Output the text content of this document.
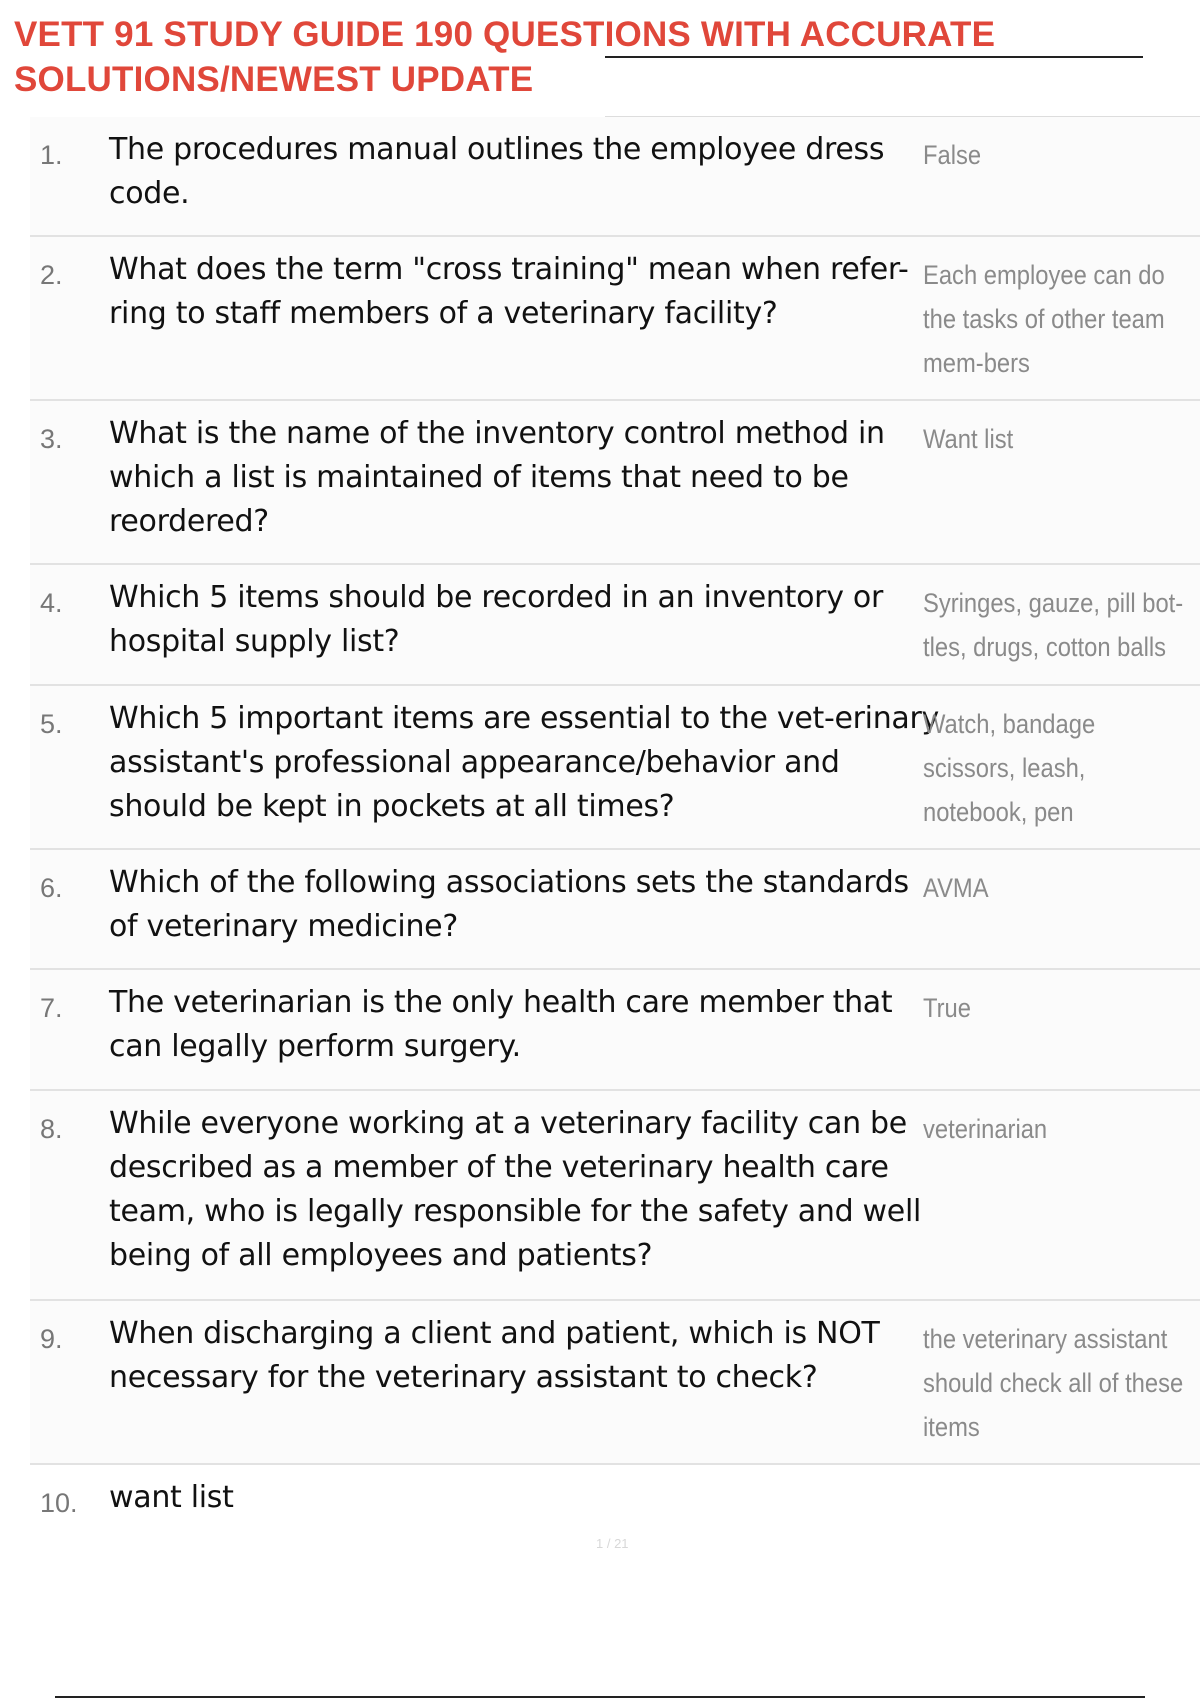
VETT 91 STUDY GUIDE 190 QUESTIONS WITH ACCURATE SOLUTIONS/NEWEST UPDATE
1. The procedures manual outlines the employee dress code.
False
2. What does the term "cross training" mean when refer-ring to staff members of a veterinary facility?
Each employee can do the tasks of other team mem-bers
3. What is the name of the inventory control method in which a list is maintained of items that need to be reordered?
Want list
4. Which 5 items should be recorded in an inventory or hospital supply list?
Syringes, gauze, pill bot-tles, drugs, cotton balls
5. Which 5 important items are essential to the vet-erinary assistant's professional appearance/behavior and should be kept in pockets at all times?
Watch, bandage scissors, leash, notebook, pen
6. Which of the following associations sets the standards of veterinary medicine?
AVMA
7. The veterinarian is the only health care member that can legally perform surgery.
True
8. While everyone working at a veterinary facility can be described as a member of the veterinary health care team, who is legally responsible for the safety and well being of all employees and patients?
veterinarian
9. When discharging a client and patient, which is NOT necessary for the veterinary assistant to check?
the veterinary assistant should check all of these items
10. want list
1 / 21
